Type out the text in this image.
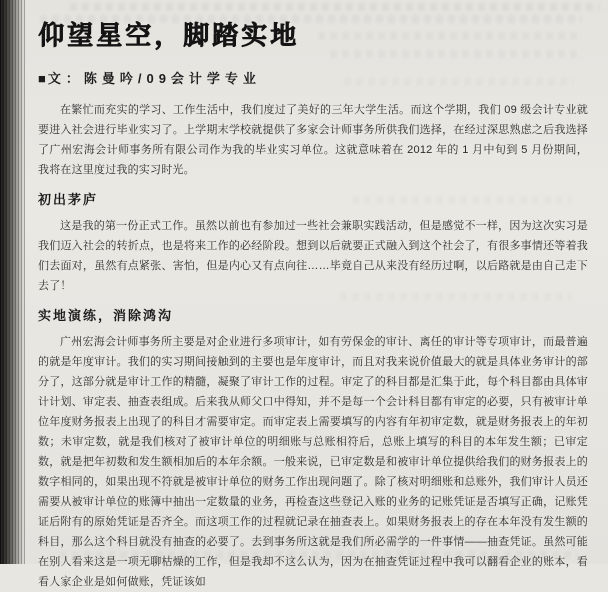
仰望星空，脚踏实地
■ 文：陈曼吟/09会计学专业

在繁忙而充实的学习、工作生活中，我们度过了美好的三年大学生活。而这个学期，我们 09 级会计专业就要进入社会进行毕业实习了。上学期末学校就提供了多家会计师事务所供我们选择，在经过深思熟虑之后我选择了广州宏海会计师事务所有限公司作为我的毕业实习单位。这就意味着在 2012 年的 1 月中旬到 5 月份期间，我将在这里度过我的实习时光。

初出茅庐

这是我的第一份正式工作。虽然以前也有参加过一些社会兼职实践活动，但是感觉不一样，因为这次实习是我们迈入社会的转折点，也是将来工作的必经阶段。想到以后就要正式融入到这个社会了，有很多事情还等着我们去面对，虽然有点紧张、害怕，但是内心又有点向往……毕竟自己从来没有经历过啊，以后路就是由自己走下去了！

实地演练，消除鸿沟

广州宏海会计师事务所主要是对企业进行多项审计，如有劳保金的审计、离任的审计等专项审计，而最普遍的就是年度审计。我们的实习期间接触到的主要也是年度审计，而且对我来说价值最大的就是具体业务审计的部分了，这部分就是审计工作的精髓，凝聚了审计工作的过程。审定了的科目都是汇集于此，每个科目都由具体审计计划、审定表、抽查表组成。后来我从师父口中得知，并不是每一个会计科目都有审定的必要，只有被审计单位年度财务报表上出现了的科目才需要审定。而审定表上需要填写的内容有年初审定数，就是财务报表上的年初数；未审定数，就是我们核对了被审计单位的明细账与总账相符后，总账上填写的科目的本年发生额；已审定数，就是把年初数和发生额相加后的本年余额。一般来说，已审定数是和被审计单位提供给我们的财务报表上的数字相同的，如果出现不符就是被审计单位的财务工作出现问题了。除了核对明细账和总账外，我们审计人员还需要从被审计单位的账簿中抽出一定数量的业务，再检查这些登记入账的业务的记账凭证是否填写正确，记账凭证后附有的原始凭证是否齐全。而这项工作的过程就记录在抽查表上。如果财务报表上的存在本年没有发生额的科目，那么这个科目就没有抽查的必要了。去到事务所这就是我们所必需学的一件事情——抽查凭证。虽然可能在别人看来这是一项无聊枯燥的工作，但是我却不这么认为，因为在抽查凭证过程中我可以翻看企业的账本，看看人家企业是如何做账，凭证该如
